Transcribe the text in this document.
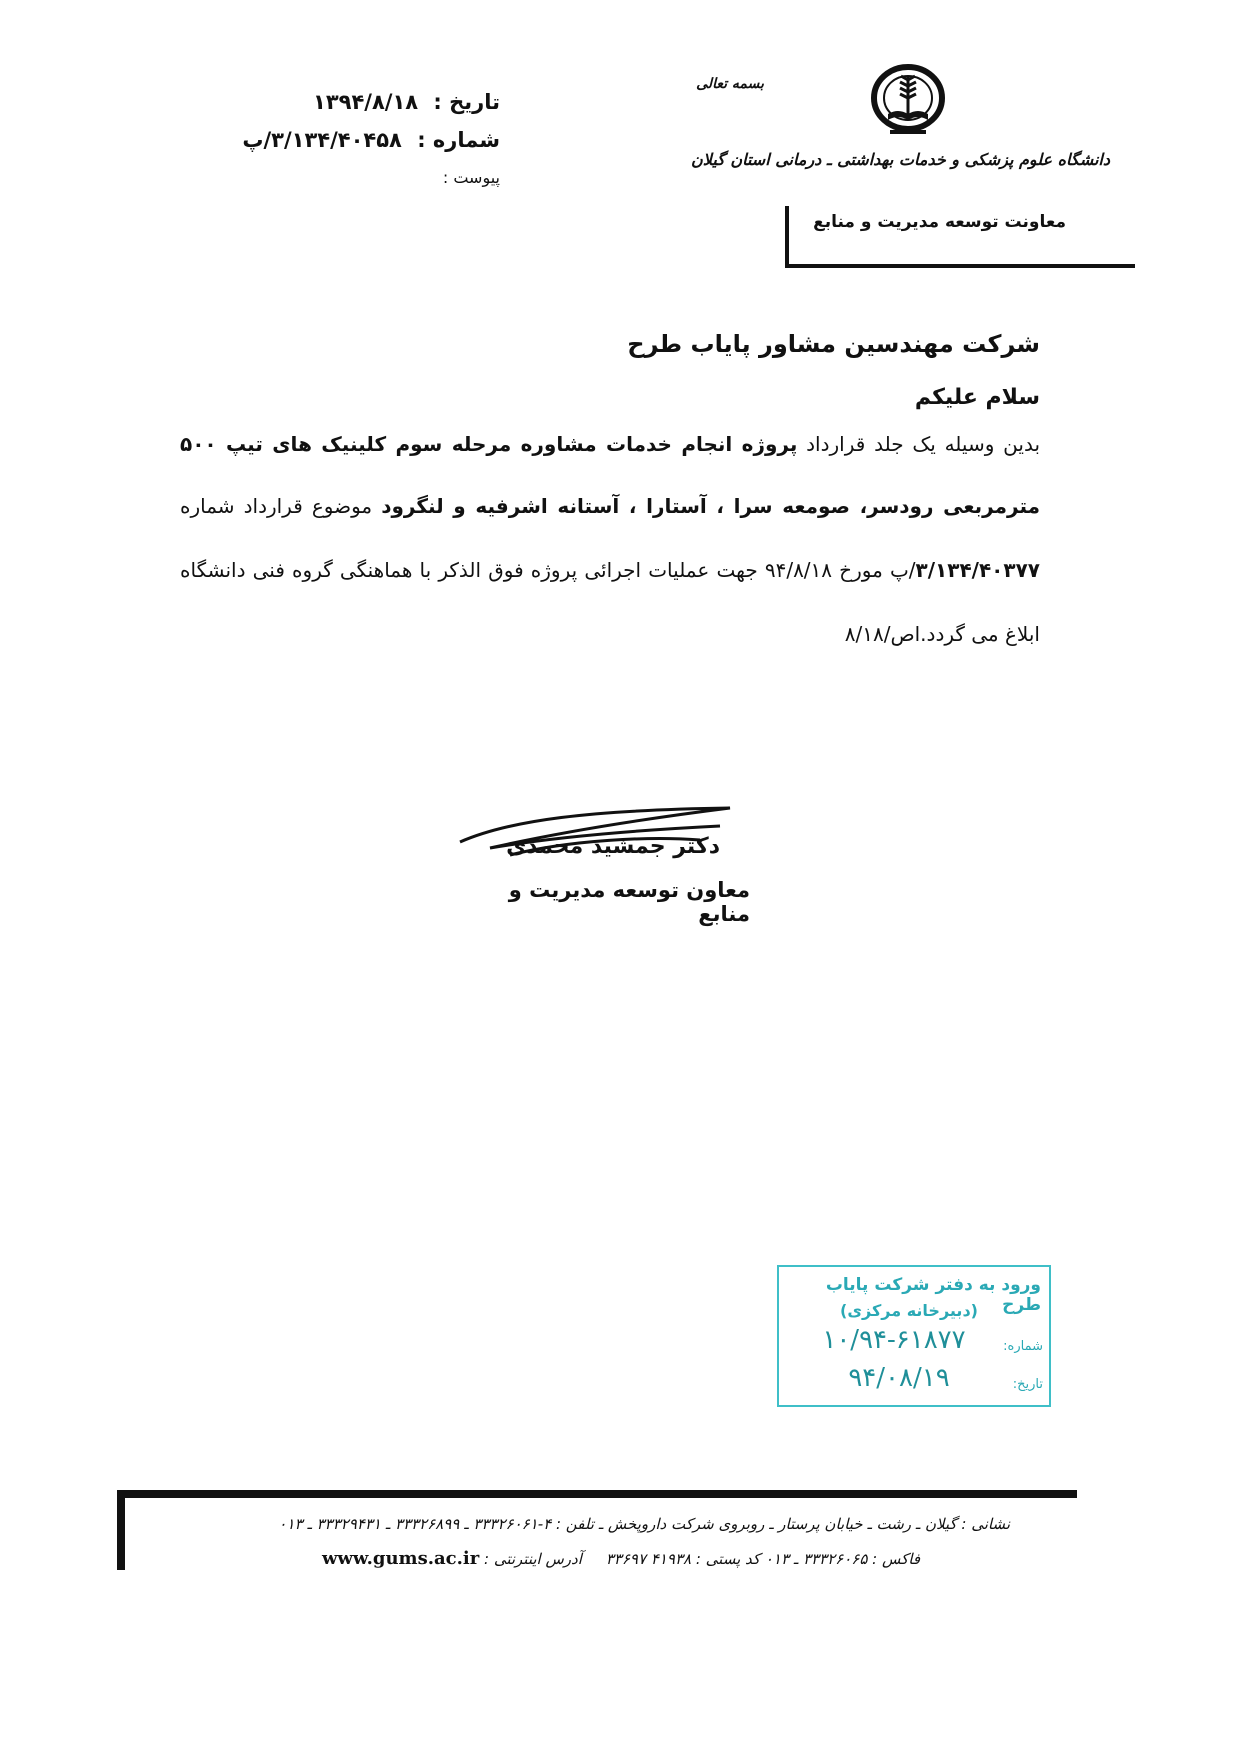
تاریخ : ۱۳۹۴/۸/۱۸
شماره : ۳/۱۳۴/۴۰۴۵۸/پ
پیوست :
بسمه تعالی
دانشگاه علوم پزشکی و خدمات بهداشتی ـ درمانی استان گیلان
معاونت توسعه مدیریت و منابع
شرکت مهندسین مشاور پایاب طرح
سلام علیکم
بدین وسیله یک جلد قرارداد پروژه انجام خدمات مشاوره مرحله سوم کلینیک های تیپ ۵۰۰
مترمربعی رودسر، صومعه سرا ، آستارا ، آستانه اشرفیه و لنگرود موضوع قرارداد شماره
۳/۱۳۴/۴۰۳۷۷/پ مورخ ۹۴/۸/۱۸ جهت عملیات اجرائی پروژه فوق الذکر با هماهنگی گروه فنی دانشگاه
ابلاغ می گردد.اص/۸/۱۸
دکتر جمشید محمدی
معاون توسعه مدیریت و منابع
ورود به دفتر شرکت پایاب طرح
(دبیرخانه مرکزی)
شماره:
۱۰/۹۴-۶۱۸۷۷
تاریخ:
۹۴/۰۸/۱۹
نشانی : گیلان ـ رشت ـ خیابان پرستار ـ روبروی شرکت داروپخش ـ تلفن : ۴-۳۳۳۲۶۰۶۱ ـ ۳۳۳۲۶۸۹۹ ـ ۳۳۳۲۹۴۳۱ ـ ۰۱۳
فاکس : ۳۳۳۲۶۰۶۵ ـ ۰۱۳ کد پستی : ۴۱۹۳۸ ۳۳۶۹۷     آدرس اینترنتی : www.gums.ac.ir
